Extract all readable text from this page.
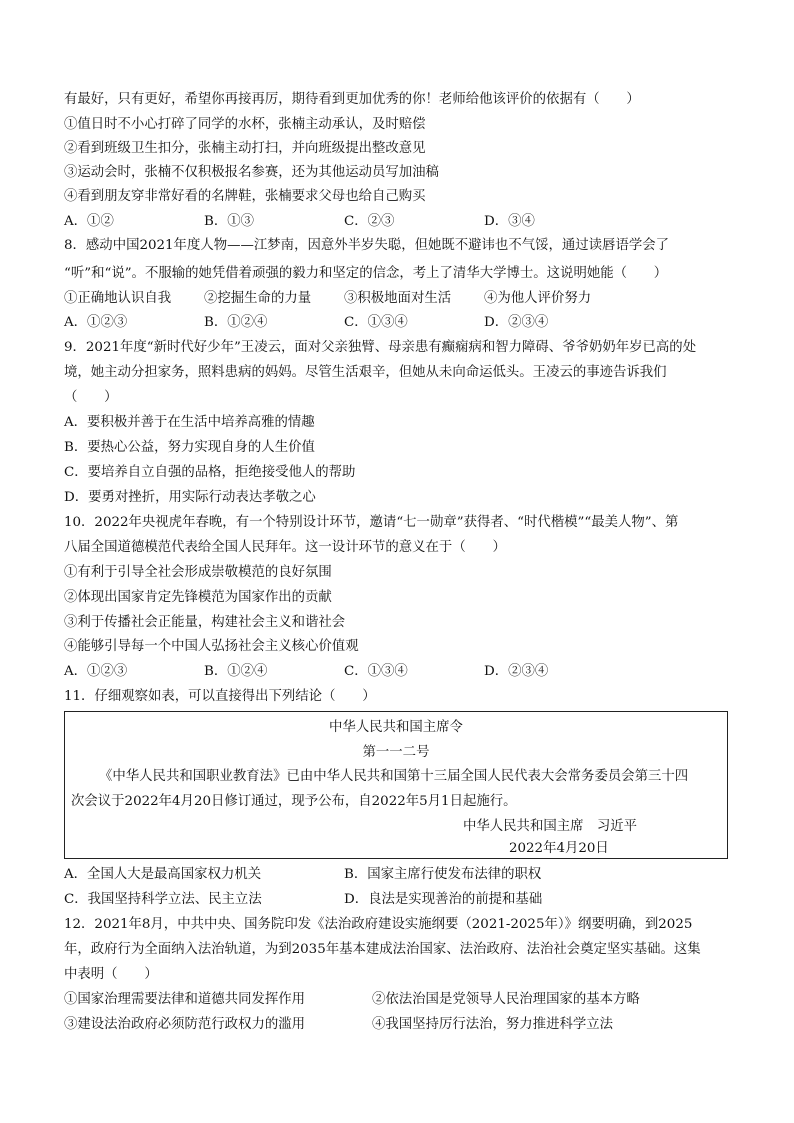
有最好，只有更好，希望你再接再厉，期待看到更加优秀的你！老师给他该评价的依据有（　　）
①值日时不小心打碎了同学的水杯，张楠主动承认，及时赔偿
②看到班级卫生扣分，张楠主动打扫，并向班级提出整改意见
③运动会时，张楠不仅积极报名参赛，还为其他运动员写加油稿
④看到朋友穿非常好看的名牌鞋，张楠要求父母也给自己购买
A．①②	B．①③	C．②③	D．③④
8．感动中国2021年度人物——江梦南，因意外半岁失聪，但她既不避讳也不气馁，通过读唇语学会了
“听”和“说”。不服输的她凭借着顽强的毅力和坚定的信念，考上了清华大学博士。这说明她能（　　）
①正确地认识自我 ②挖掘生命的力量 ③积极地面对生活 ④为他人评价努力
A．①②③	B．①②④	C．①③④	D．②③④
9．2021年度“新时代好少年”王凌云，面对父亲独臂、母亲患有癫痫病和智力障碍、爷爷奶奶年岁已高的处
境，她主动分担家务，照料患病的妈妈。尽管生活艰辛，但她从未向命运低头。王凌云的事迹告诉我们
（　　）
A．要积极并善于在生活中培养高雅的情趣
B．要热心公益，努力实现自身的人生价值
C．要培养自立自强的品格，拒绝接受他人的帮助
D．要勇对挫折，用实际行动表达孝敬之心
10．2022年央视虎年春晚，有一个特别设计环节，邀请“七一勋章”获得者、“时代楷模”“最美人物”、第
八届全国道德模范代表给全国人民拜年。这一设计环节的意义在于（　　）
①有利于引导全社会形成崇敬模范的良好氛围
②体现出国家肯定先锋模范为国家作出的贡献
③利于传播社会正能量，构建社会主义和谐社会
④能够引导每一个中国人弘扬社会主义核心价值观
A．①②③	B．①②④	C．①③④	D．②③④
11．仔细观察如表，可以直接得出下列结论（　　）
中华人民共和国主席令
第一一二号
《中华人民共和国职业教育法》已由中华人民共和国第十三届全国人民代表大会常务委员会第三十四
次会议于2022年4月20日修订通过，现予公布，自2022年5月1日起施行。
中华人民共和国主席　习近平
2022年4月20日
A．全国人大是最高国家权力机关	B．国家主席行使发布法律的职权
C．我国坚持科学立法、民主立法	D．良法是实现善治的前提和基础
12．2021年8月，中共中央、国务院印发《法治政府建设实施纲要（2021-2025年）》纲要明确，到2025
年，政府行为全面纳入法治轨道，为到2035年基本建成法治国家、法治政府、法治社会奠定坚实基础。这集
中表明（　　）
①国家治理需要法律和道德共同发挥作用	②依法治国是党领导人民治理国家的基本方略
③建设法治政府必须防范行政权力的滥用	④我国坚持厉行法治，努力推进科学立法
